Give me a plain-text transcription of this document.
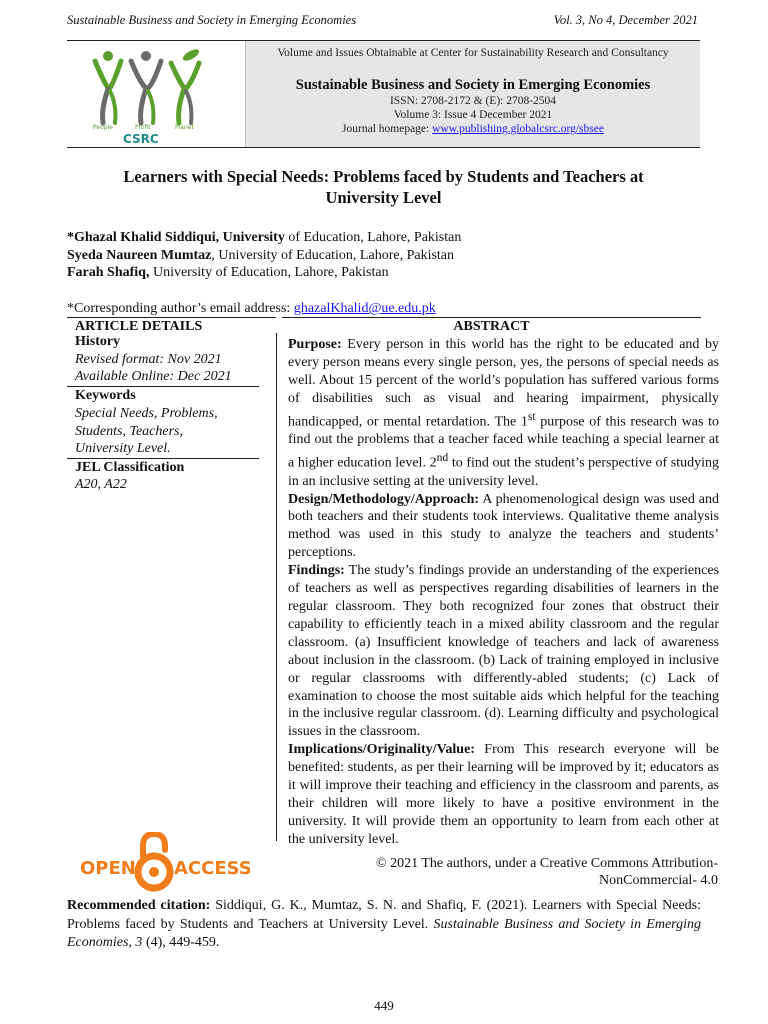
Sustainable Business and Society in Emerging Economies	Vol. 3, No 4, December 2021
People	Profit	Planet
CSRC
Volume and Issues Obtainable at Center for Sustainability Research and Consultancy
Sustainable Business and Society in Emerging Economies
ISSN: 2708-2172 & (E): 2708-2504
Volume 3: Issue 4 December 2021
Journal homepage: www.publishing.globalcsrc.org/sbsee
Learners with Special Needs: Problems faced by Students and Teachers at
University Level
*Ghazal Khalid Siddiqui, University of Education, Lahore, Pakistan
Syeda Naureen Mumtaz, University of Education, Lahore, Pakistan
Farah Shafiq, University of Education, Lahore, Pakistan
*Corresponding author’s email address: ghazalKhalid@ue.edu.pk
ARTICLE DETAILS	ABSTRACT
History
Revised format: Nov 2021
Available Online: Dec 2021
Keywords
Special Needs, Problems,
Students, Teachers,
University Level.
JEL Classification
A20, A22

Purpose: Every person in this world has the right to be educated and by every person means every single person, yes, the persons of special needs as well. About 15 percent of the world’s population has suffered various forms of disabilities such as visual and hearing impairment, physically handicapped, or mental retardation. The 1st purpose of this research was to find out the problems that a teacher faced while teaching a special learner at a higher education level. 2nd to find out the student’s perspective of studying in an inclusive setting at the university level.

Design/Methodology/Approach: A phenomenological design was used and both teachers and their students took interviews. Qualitative theme analysis method was used in this study to analyze the teachers and students’ perceptions.

Findings: The study’s findings provide an understanding of the experiences of teachers as well as perspectives regarding disabilities of learners in the regular classroom. They both recognized four zones that obstruct their capability to efficiently teach in a mixed ability classroom and the regular classroom. (a) Insufficient knowledge of teachers and lack of awareness about inclusion in the classroom. (b) Lack of training employed in inclusive or regular classrooms with differently-abled students; (c) Lack of examination to choose the most suitable aids which helpful for the teaching in the inclusive regular classroom. (d). Learning difficulty and psychological issues in the classroom.

Implications/Originality/Value: From This research everyone will be benefited: students, as per their learning will be improved by it; educators as it will improve their teaching and efficiency in the classroom and parents, as their children will more likely to have a positive environment in the university. It will provide them an opportunity to learn from each other at the university level.

OPEN ACCESS	© 2021 The authors, under a Creative Commons Attribution-
NonCommercial- 4.0
Recommended citation: Siddiqui, G. K., Mumtaz, S. N. and Shafiq, F. (2021). Learners with Special Needs: Problems faced by Students and Teachers at University Level. Sustainable Business and Society in Emerging Economies, 3 (4), 449-459.
449
